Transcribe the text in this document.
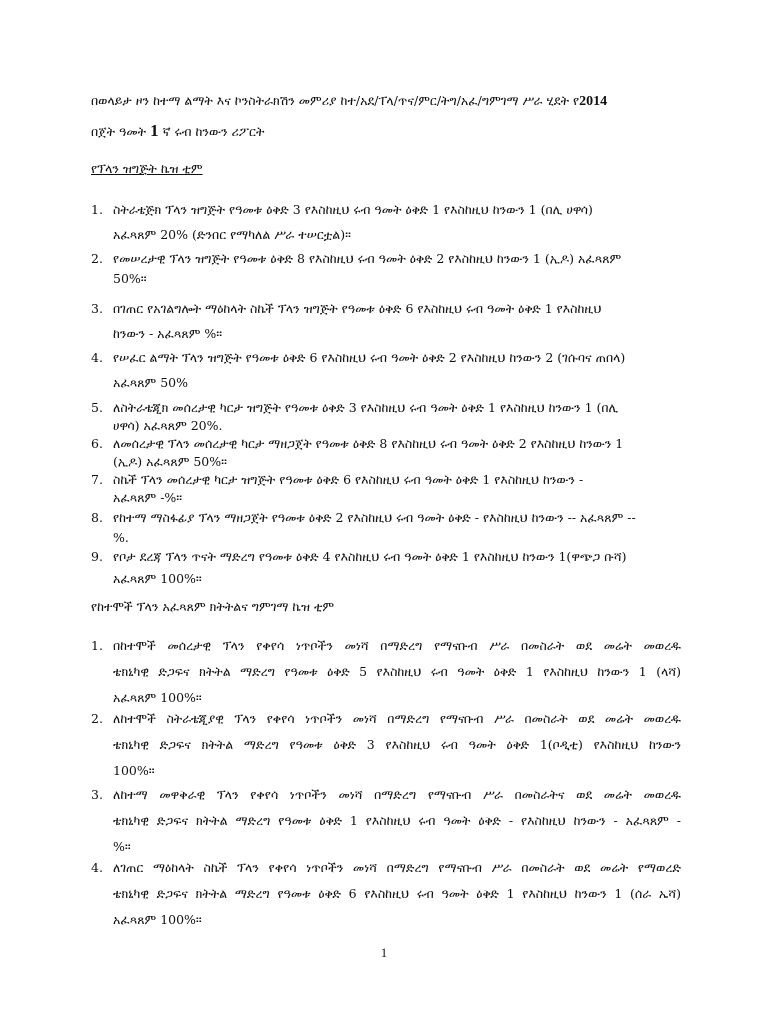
በወላይታ ዞን ከተማ ልማት እና ኮንስትራክሽን መምሪያ ከተ/አደ/ፐላ/ጥና/ምር/ትግ/አፈ/ግምገማ ሥራ ሂደት የ2014
በጀት ዓመት 1 ኛ ሩብ ከንውን ሪፖርት
የፕላን ዝግጅት ኬዝ ቲም
1. ስትራቴጅክ ፕላን ዝግጅት የዓመቱ ዕቅድ 3 የእስከዚህ ሩብ ዓመት ዕቅድ 1 የእስከዚህ ከንውን 1 (በሊ ሀዋሳ)
አፈጻጸም 20% (ድንበር የማካለል ሥራ ተሠርቷል)።
2. የመሠረታዊ ፕላን ዝግጅት የዓመቱ ዕቅድ 8 የእስከዚህ ሩብ ዓመት ዕቅድ 2 የእስከዚህ ከንውን 1 (ኢዶ) አፈጻጸም
50%።
3. በገጠር የአገልግሎት ማዕከላት ስኬች ፕላን ዝግጅት የዓመቱ ዕቅድ 6 የእስከዚህ ሩብ ዓመት ዕቅድ 1 የእስከዚህ
ከንውን - አፈጻጸም %።
4. የሠፈር ልማት ፕላን ዝግጅት የዓመቱ ዕቅድ 6 የእስከዚህ ሩብ ዓመት ዕቅድ 2 የእስከዚህ ከንውን 2 (ገሱባና ጠበላ)
አፈጻጸም 50%
5. ለስትራቴጂክ መሰረታዊ ካርታ ዝግጅት የዓመቱ ዕቅድ 3 የእስከዚህ ሩብ ዓመት ዕቅድ 1 የእስከዚህ ከንውን 1 (በሊ
ሀዋሳ) አፈጻጸም 20%.
6. ለመሰረታዊ ፕላን መሰረታዊ ካርታ ማዘጋጀት የዓመቱ ዕቅድ 8 የእስከዚህ ሩብ ዓመት ዕቅድ 2 የእስከዚህ ከንውን 1
(ኢዶ) አፈጻጸም 50%።
7. ስኬች ፕላን መሰረታዊ ካርታ ዝግጅት የዓመቱ ዕቅድ 6 የእስከዚህ ሩብ ዓመት ዕቅድ 1 የእስከዚህ ከንውን -
አፈጻጸም -%።
8. የከተማ ማስፋፊያ ፕላን ማዘጋጀት የዓመቱ ዕቅድ 2 የእስከዚህ ሩብ ዓመት ዕቅድ - የእስከዚህ ከንውን -- አፈጻጸም --
%.
9. የቦታ ደረጃ ፕላን ጥናት ማድረግ የዓመቱ ዕቅድ 4 የእስከዚህ ሩብ ዓመት ዕቅድ 1 የእስከዚህ ከንውን 1(ዋጭጋ ቡሻ)
አፈጻጸም 100%።
የከተሞች ፕላን አፈጻጸም ክትትልና ግምገማ ኬዝ ቲም
1. በከተሞች መሰረታዊ ፕላን የቀየሳ ነጥቦችን መነሻ በማድረግ የማናቡብ ሥራ በመስራት ወደ መሬት መወረዱ
ቴክኒካዊ ድጋፍና ክትትል ማድረግ የዓመቱ ዕቅድ 5 የእስከዚህ ሩብ ዓመት ዕቅድ 1 የእስከዚህ ከንውን 1 (ላሻ)
አፈጻጸም 100%።
2. ለከተሞች ስትራቴጂያዊ ፕላን የቀየሳ ነጥቦችን መነሻ በማድረግ የማናቡብ ሥራ በመስራት ወደ መሬት መወረዱ
ቴክኒካዊ ድጋፍና ክትትል ማድረግ የዓመቱ ዕቅድ 3 የእስከዚህ ሩብ ዓመት ዕቅድ 1(ቦዲቲ) የእስከዚህ ከንውን
100%።
3. ለከተማ መዋቅራዊ ፕላን የቀየሳ ነጥቦችን መነሻ በማድረግ የማናቡብ ሥራ በመስራትና ወደ መሬት መወረዱ
ቴክኒካዊ ድጋፍና ክትትል ማድረግ የዓመቱ ዕቅድ 1 የእስከዚህ ሩብ ዓመት ዕቅድ - የእስከዚህ ከንውን - አፈጻጸም -
%።
4. ለገጠር ማዕከላት ስኬች ፕላን የቀየሳ ነጥቦችን መነሻ በማድረግ የማናቡብ ሥራ በመስራት ወደ መሬት የማወረድ
ቴክኒካዊ ድጋፍና ክትትል ማድረግ የዓመቱ ዕቅድ 6 የእስከዚህ ሩብ ዓመት ዕቅድ 1 የእስከዚህ ከንውን 1 (ሰራ ኤሻ)
አፈጻጸም 100%።
1
